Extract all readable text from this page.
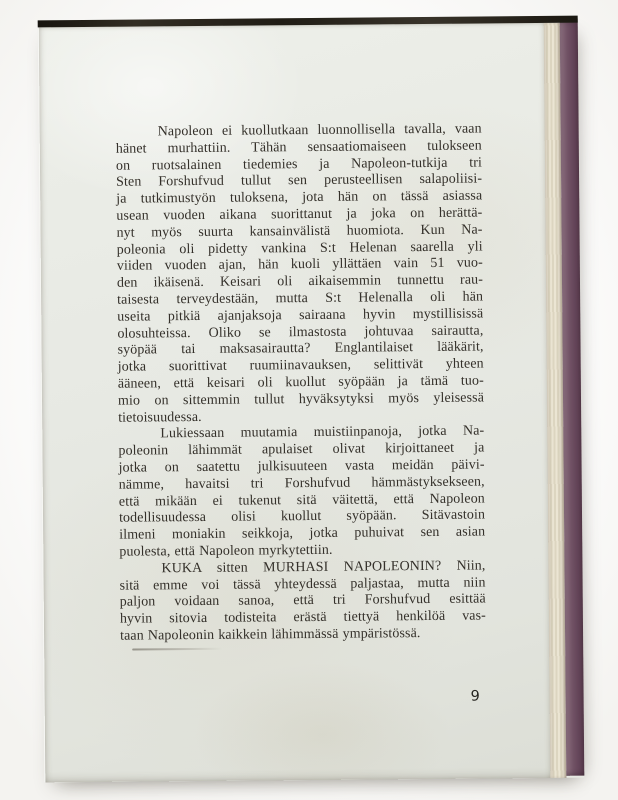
Napoleon ei kuollutkaan luonnollisella tavalla, vaan
hänet murhattiin. Tähän sensaatiomaiseen tulokseen
on ruotsalainen tiedemies ja Napoleon-tutkija tri
Sten Forshufvud tullut sen perusteellisen salapoliisi-
ja tutkimustyön tuloksena, jota hän on tässä asiassa
usean vuoden aikana suorittanut ja joka on herättä-
nyt myös suurta kansainvälistä huomiota. Kun Na-
poleonia oli pidetty vankina S:t Helenan saarella yli
viiden vuoden ajan, hän kuoli yllättäen vain 51 vuo-
den ikäisenä. Keisari oli aikaisemmin tunnettu rau-
taisesta terveydestään, mutta S:t Helenalla oli hän
useita pitkiä ajanjaksoja sairaana hyvin mystillisissä
olosuhteissa. Oliko se ilmastosta johtuvaa sairautta,
syöpää tai maksasairautta? Englantilaiset lääkärit,
jotka suorittivat ruumiinavauksen, selittivät yhteen
ääneen, että keisari oli kuollut syöpään ja tämä tuo-
mio on sittemmin tullut hyväksytyksi myös yleisessä
tietoisuudessa.
Lukiessaan muutamia muistiinpanoja, jotka Na-
poleonin lähimmät apulaiset olivat kirjoittaneet ja
jotka on saatettu julkisuuteen vasta meidän päivi-
nämme, havaitsi tri Forshufvud hämmästyksekseen,
että mikään ei tukenut sitä väitettä, että Napoleon
todellisuudessa olisi kuollut syöpään. Sitävastoin
ilmeni moniakin seikkoja, jotka puhuivat sen asian
puolesta, että Napoleon myrkytettiin.
KUKA sitten MURHASI NAPOLEONIN? Niin,
sitä emme voi tässä yhteydessä paljastaa, mutta niin
paljon voidaan sanoa, että tri Forshufvud esittää
hyvin sitovia todisteita erästä tiettyä henkilöä vas-
taan Napoleonin kaikkein lähimmässä ympäristössä.
9
